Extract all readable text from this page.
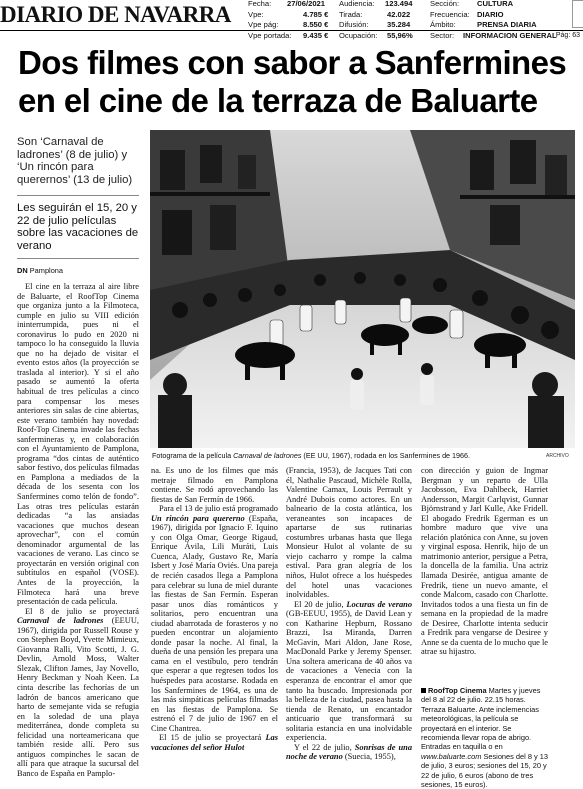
DIARIO DE NAVARRA Fecha: 27/06/2021
Vpe:	4.785 €
Vpe pág:	8.550 €
Vpe portada: 9.435 €
Audiencia: 123.494
Tirada:	42.022
Difusión: 35.284
Ocupación: 55,96%
Sección: CULTURA
Frecuencia: DIARIO
Ámbito:	PRENSA DIARIA
Sector: INFORMACION GENERAL Pág: 63
Dos filmes con sabor a Sanfermines
en el cine de la terraza de Baluarte
Son ‘Carnaval de ladrones’ (8 de julio) y ‘Un rincón para querernos’ (13 de julio)
Les seguirán el 15, 20 y 22 de julio películas sobre las vacaciones de verano
DN Pamplona

El cine en la terraza al aire libre de Baluarte, el RoofTop Cinema que organiza junto a la Filmoteca, cumple en julio su VIII edición ininterrumpida, pues ni el coronavirus lo pudo en 2020 ni tampoco lo ha conseguido la lluvia que no ha dejado de visitar el evento estos años (la proyección se traslada al interior). Y si el año pasado se aumentó la oferta habitual de tres películas a cinco para compensar los meses anteriores sin salas de cine abiertas, este verano también hay novedad: Roof-Top Cinema invade las fechas sanfermineras y, en colaboración con el Ayuntamiento de Pamplona, programa “dos cintas de auténtico sabor festivo, dos películas filmadas en Pamplona a mediados de la década de los sesenta con los Sanfermines como telón de fondo”. Las otras tres películas estarán dedicadas “a las ansiadas vacaciones que muchos desean aprovechar”, con el común denominador argumental de las vacaciones de verano. Las cinco se proyectarán en versión original con subtítulos en español (VOSE). Antes de la proyección, la Filmoteca hará una breve presentación de cada película.

El 8 de julio se proyectará Carnaval de ladrones (EEUU, 1967), dirigida por Russell Rouse y con Stephen Boyd, Yvette Mimieux, Giovanna Ralli, Vito Scotti, J. G. Devlin, Arnold Moss, Walter Slezak, Clifton James, Jay Novello, Henry Beckman y Noah Keen. La cinta describe las fechorías de un ladrón de bancos americano que harto de semejante vida se refugia en la soledad de una playa mediterránea, donde completa su felicidad una norteamericana que también reside allí. Pero sus antiguos compinches le sacan de allí para que atraque la sucursal del Banco de España en Pamplo-

Fotograma de la película Carnaval de ladrones (EE UU, 1967), rodada en los Sanfermines de 1966.	ARCHIVO

na. Es uno de los filmes que más metraje filmado en Pamplona contiene. Se rodó aprovechando las fiestas de San Fermín de 1966.

Para el 13 de julio está programado Un rincón para quererno (España, 1967), dirigida por Ignacio F. Iquino y con Olga Omar, George Rigaud, Enrique Ávila, Lili Muráti, Luis Cuenca, Alady, Gustavo Re, María Isbert y José María Oviés. Una pareja de recién casados llega a Pamplona para celebrar su luna de miel durante las fiestas de San Fermín. Esperan pasar unos días románticos y solitarios, pero encuentran una ciudad abarrotada de forasteros y no pueden encontrar un alojamiento donde pasar la noche. Al final, la dueña de una pensión les prepara una cama en el vestíbulo, pero tendrán que esperar a que regresen todos los huéspedes para acostarse. Rodada en los Sanfermines de 1964, es una de las más simpáticas películas filmadas en las fiestas de Pamplona. Se estrenó el 7 de julio de 1967 en el Cine Chantrea.

El 15 de julio se proyectará Las vacaciones del señor Hulot

(Francia, 1953), de Jacques Tati con él, Nathalie Pascaud, Michèle Rolla, Valentine Camax, Louis Perrault y André Dubois como actores. En un balneario de la costa atlántica, los veraneantes son incapaces de apartarse de sus rutinarias costumbres urbanas hasta que llega Monsieur Hulot al volante de su viejo cacharro y rompe la calma estival. Para gran alegría de los niños, Hulot ofrece a los huéspedes del hotel unas vacaciones inolvidables.

El 20 de julio, Locuras de verano (GB-EEUU, 1955), de David Lean y con Katharine Hepburn, Rossano Brazzi, Isa Miranda, Darren McGavin, Mari Aldon, Jane Rose, MacDonald Parke y Jeremy Spenser. Una soltera americana de 40 años va de vacaciones a Venecia con la esperanza de encontrar el amor que tanto ha buscado. Impresionada por la belleza de la ciudad, pasea hasta la tienda de Renato, un encantador anticuario que transformará su solitaria estancia en una inolvidable experiencia.

Y el 22 de julio, Sonrisas de una noche de verano (Suecia, 1955),

con dirección y guion de Ingmar Bergman y un reparto de Ulla Jacobsson, Eva Dahlbeck, Harriet Andersson, Margit Carlqvist, Gunnar Björnstrand y Jarl Kulle, Ake Fridell. El abogado Fredrik Egerman es un hombre maduro que vive una relación platónica con Anne, su joven y virginal esposa. Henrik, hijo de un matrimonio anterior, persigue a Petra, la doncella de la familia. Una actriz llamada Desirée, antigua amante de Fredrik, tiene un nuevo amante, el conde Malcom, casado con Charlotte. Invitados todos a una fiesta un fin de semana en la propiedad de la madre de Desiree, Charlotte intenta seducir a Fredrik para vengarse de Desiree y Anne se da cuenta de lo mucho que le atrae su hijastro.

RoofTop Cinema Martes y jueves del 8 al 22 de julio. 22.15 horas. Terraza Baluarte. Ante inclemencias meteorológicas, la película se proyectará en el interior. Se recomienda llevar ropa de abrigo. Entradas en taquilla o en www.baluarte.com Sesiones del 8 y 13 de julio, 3 euros; sesiones del 15, 20 y 22 de julio, 6 euros (abono de tres sesiones, 15 euros).
